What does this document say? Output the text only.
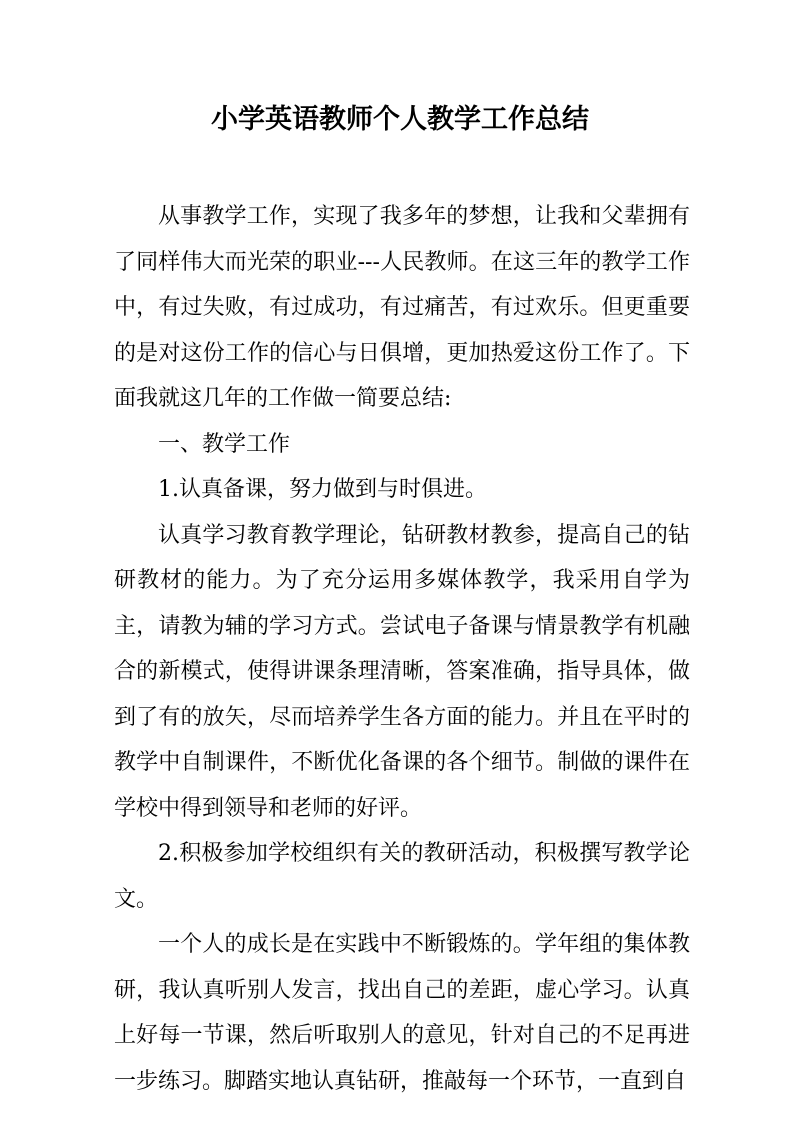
小学英语教师个人教学工作总结

从事教学工作，实现了我多年的梦想，让我和父辈拥有了同样伟大而光荣的职业---人民教师。在这三年的教学工作中，有过失败，有过成功，有过痛苦，有过欢乐。但更重要的是对这份工作的信心与日俱增，更加热爱这份工作了。下面我就这几年的工作做一简要总结:

一、教学工作

1.认真备课，努力做到与时俱进。

认真学习教育教学理论，钻研教材教参，提高自己的钻研教材的能力。为了充分运用多媒体教学，我采用自学为主，请教为辅的学习方式。尝试电子备课与情景教学有机融合的新模式，使得讲课条理清晰，答案准确，指导具体，做到了有的放矢，尽而培养学生各方面的能力。并且在平时的教学中自制课件，不断优化备课的各个细节。制做的课件在学校中得到领导和老师的好评。

2.积极参加学校组织有关的教研活动，积极撰写教学论文。

一个人的成长是在实践中不断锻炼的。学年组的集体教研，我认真听别人发言，找出自己的差距，虚心学习。认真上好每一节课，然后听取别人的意见，针对自己的不足再进一步练习。脚踏实地认真钻研，推敲每一个环节，一直到自
